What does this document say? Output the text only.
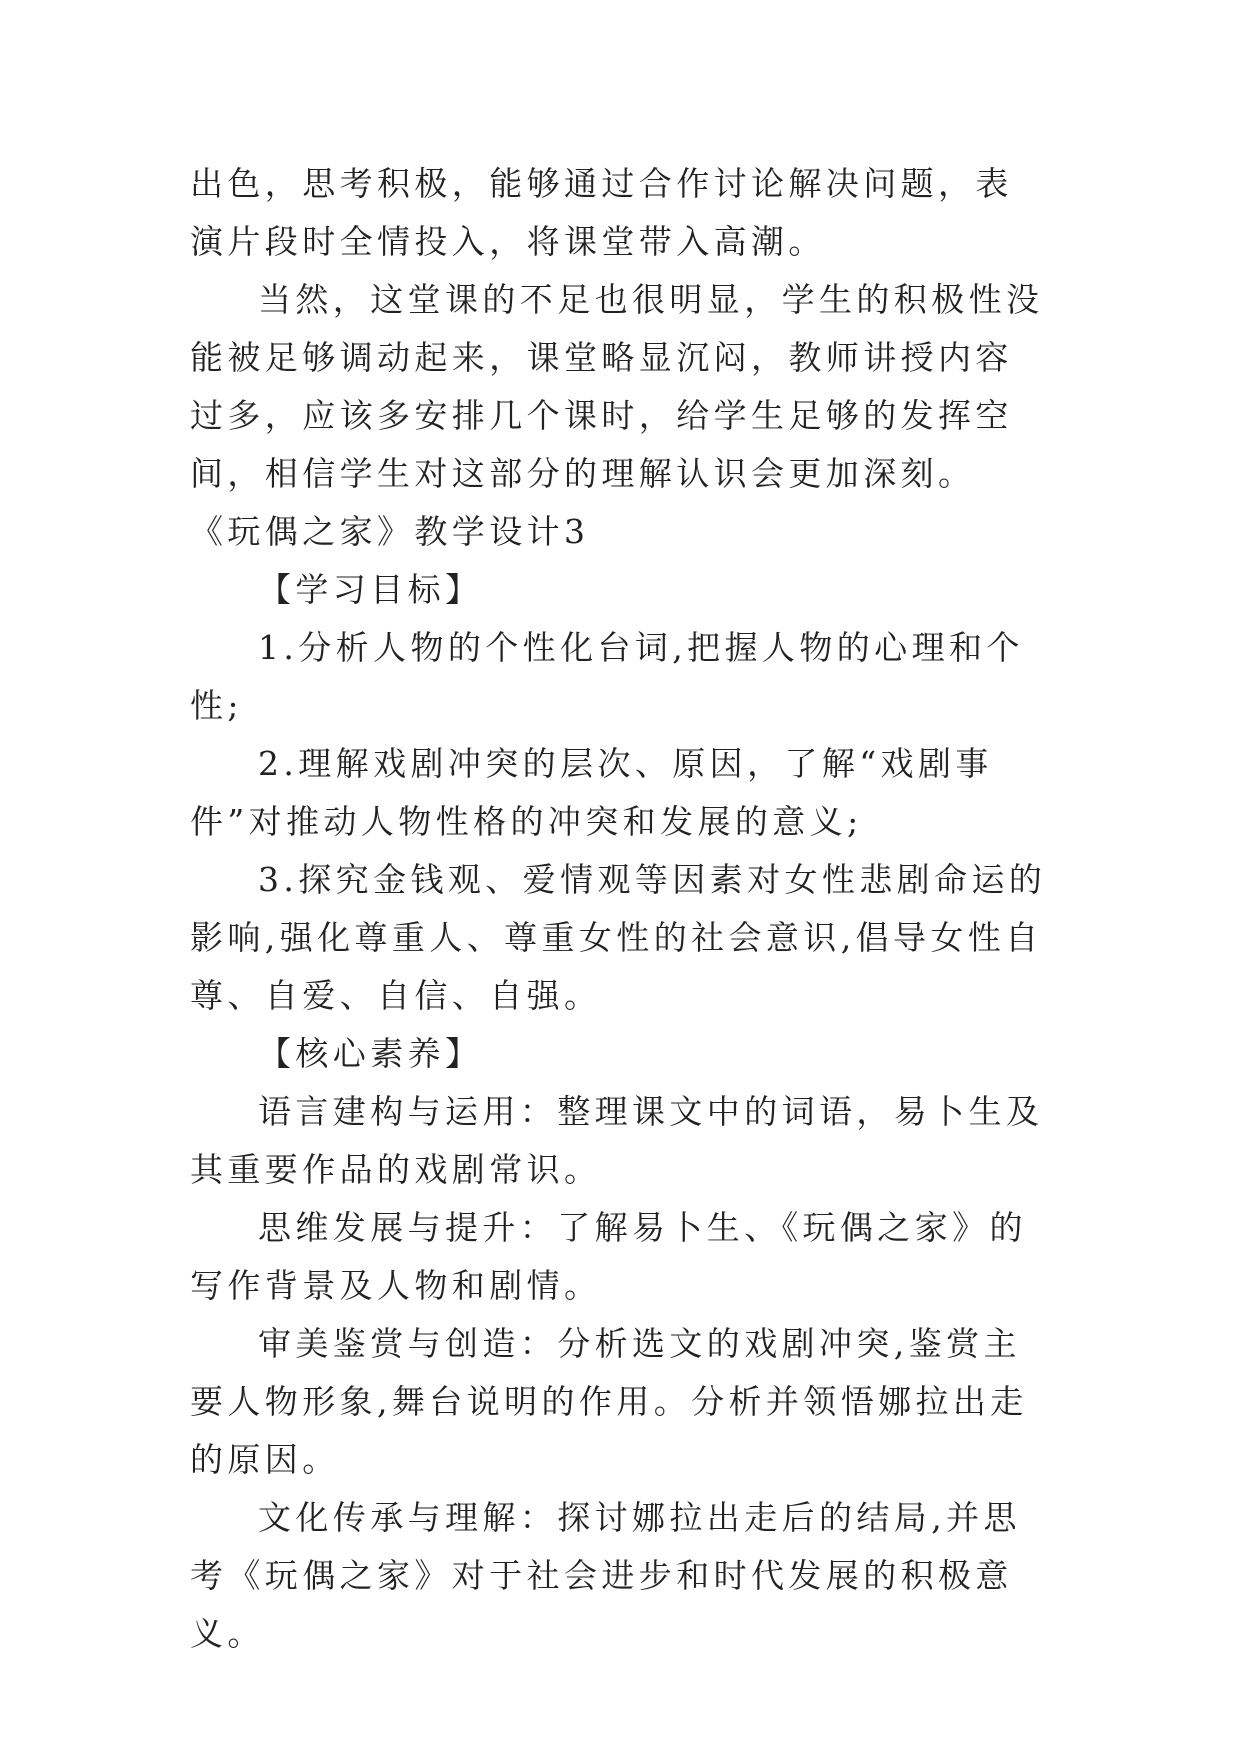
出色，思考积极，能够通过合作讨论解决问题，表演片段时全情投入，将课堂带入高潮。

当然，这堂课的不足也很明显，学生的积极性没能被足够调动起来，课堂略显沉闷，教师讲授内容过多，应该多安排几个课时，给学生足够的发挥空间，相信学生对这部分的理解认识会更加深刻。

《玩偶之家》教学设计3

【学习目标】

1.分析人物的个性化台词,把握人物的心理和个性;

2.理解戏剧冲突的层次、原因，了解“戏剧事件”对推动人物性格的冲突和发展的意义;

3.探究金钱观、爱情观等因素对女性悲剧命运的影响,强化尊重人、尊重女性的社会意识,倡导女性自尊、自爱、自信、自强。

【核心素养】

语言建构与运用：整理课文中的词语，易卜生及其重要作品的戏剧常识。

思维发展与提升：了解易卜生、《玩偶之家》的写作背景及人物和剧情。

审美鉴赏与创造：分析选文的戏剧冲突,鉴赏主要人物形象,舞台说明的作用。分析并领悟娜拉出走的原因。

文化传承与理解：探讨娜拉出走后的结局,并思考《玩偶之家》对于社会进步和时代发展的积极意义。
